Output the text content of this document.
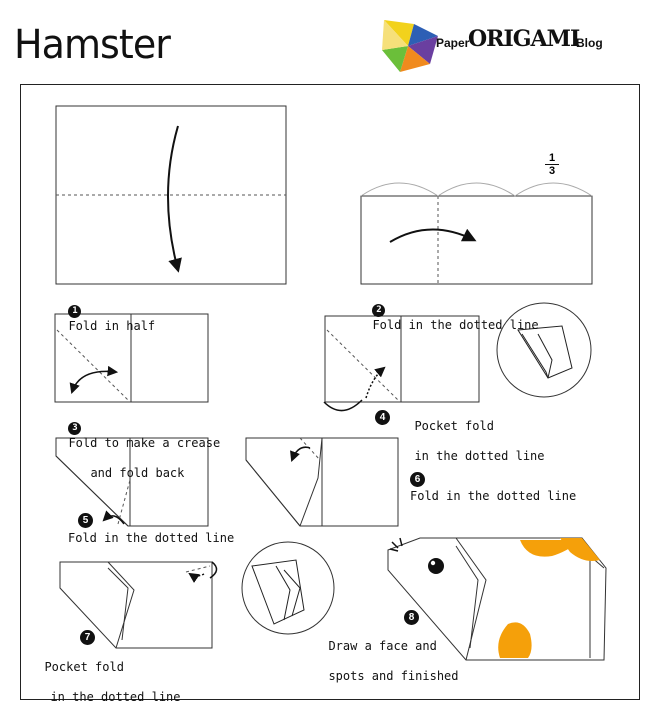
Hamster	Paper
ORIGAMI
Blog
1
3

1
Fold in half

2
Fold in the dotted line

3
Fold to make a crease

and fold back

4

Pocket fold

in the dotted line

5
Fold in the dotted line
6
Fold in the dotted line
7

Pocket fold

in the dotted line

8

Draw a face and

spots and finished
